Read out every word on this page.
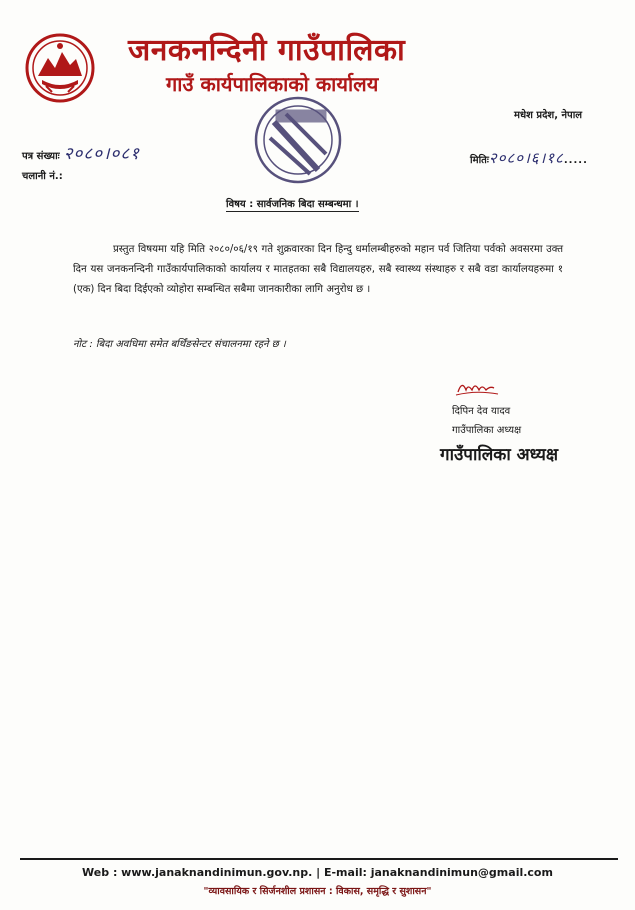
जनकनन्दिनी गाउँपालिका
गाउँ कार्यपालिकाको कार्यालय
मधेश प्रदेश, नेपाल
पत्र संख्याः २०८०।०८१
चलानी नं.:
मितिः२०८०।६।१८.....
विषय : सार्वजनिक बिदा सम्बन्धमा ।
प्रस्तुत विषयमा यहि मिति २०८०/०६/१९ गते शुक्रवारका दिन हिन्दु धर्मालम्बीहरुको महान पर्व जितिया पर्वको अवसरमा उक्त दिन यस जनकनन्दिनी गाउँकार्यपालिकाको कार्यालय र मातहतका सबै विद्यालयहरु, सबै स्वास्थ्य संस्थाहरु र सबै वडा कार्यालयहरुमा १ (एक) दिन बिदा दिईएको व्योहोरा सम्बन्धित सबैमा जानकारीका लागि अनुरोध छ ।
नोट : बिदा अवधिमा समेत बर्थिंङसेन्टर संचालनमा रहने छ ।
दिपिन देव यादव
गाउँपालिका अध्यक्ष
गाउँपालिका अध्यक्ष
Web : www.janaknandinimun.gov.np. | E-mail: janaknandinimun@gmail.com
"व्यावसायिक र सिर्जनशील प्रशासन : विकास, समृद्धि र सुशासन"
